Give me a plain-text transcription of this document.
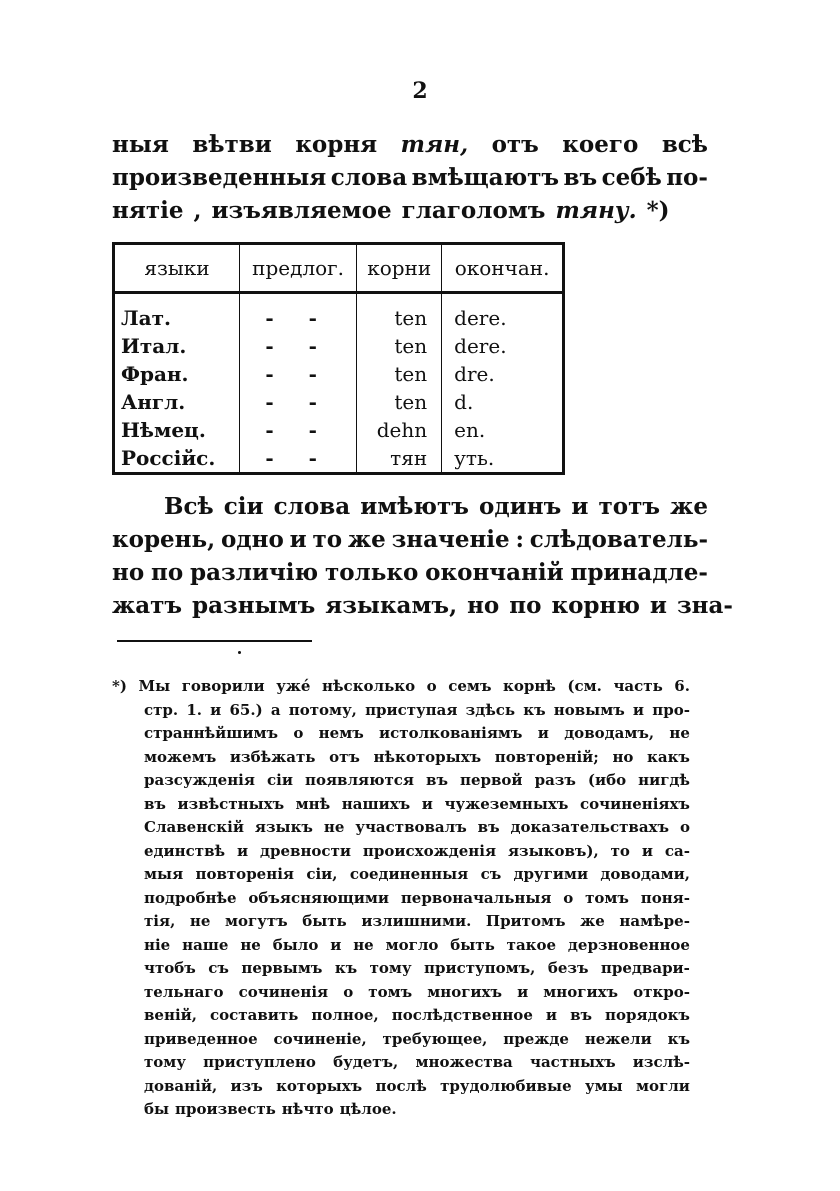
2
ныя вѣтви корня тян, отъ коего всѣ
произведенныя слова вмѣщаютъ въ себѣ по-
нятіе , изъявляемое глаголомъ тяну. *)
языки	предлог.	корни	окончан.
Лат.	- -	ten	dere.
Итал.	- -	ten	dere.
Фран.	- -	ten	dre.
Англ.	- -	ten	d.
Нѣмец.	- -	dehn	en.
Россійс.	- -	тян	уть.
Всѣ сіи слова имѣютъ одинъ и тотъ же
корень, одно и то же значеніе : слѣдователь-
но по различію только окончаній принадле-
жатъ разнымъ языкамъ, но по корню и зна-
*) Мы говорили ужé нѣсколько о семъ корнѣ (см. часть 6.
стр. 1. и 65.) а потому, приступая здѣсь къ новымъ и про-
страннѣйшимъ о немъ истолкованіямъ и доводамъ, не
можемъ избѣжать отъ нѣкоторыхъ повтореній; но какъ
разсужденія сіи появляются въ первой разъ (ибо нигдѣ
въ извѣстныхъ мнѣ нашихъ и чужеземныхъ сочиненіяхъ
Славенскій языкъ не участвовалъ въ доказательствахъ о
единствѣ и древности происхожденія языковъ), то и са-
мыя повторенія сіи, соединенныя съ другими доводами,
подробнѣе объясняющими первоначальныя о томъ поня-
тія, не могутъ быть излишними. Притомъ же намѣре-
ніе наше не было и не могло быть такое дерзновенное
чтобъ съ первымъ къ тому приступомъ, безъ предвари-
тельнаго сочиненія о томъ многихъ и многихъ откро-
веній, составить полное, послѣдственное и въ порядокъ
приведенное сочиненіе, требующее, прежде нежели къ
тому приступлено будетъ, множества частныхъ изслѣ-
дованій, изъ которыхъ послѣ трудолюбивые умы могли
бы произвесть нѣчто цѣлое.
